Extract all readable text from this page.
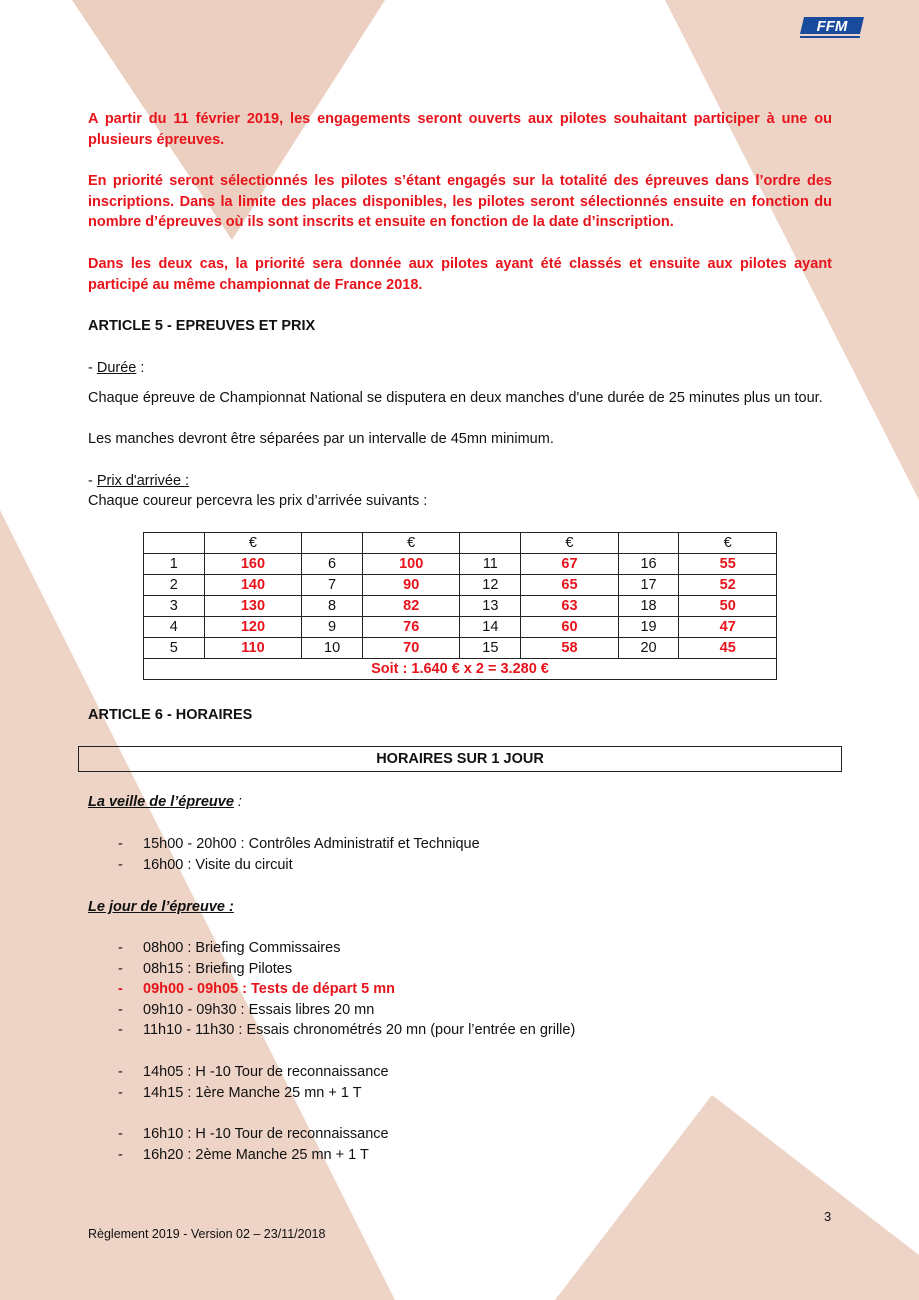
FFM

A partir du 11 février 2019, les engagements seront ouverts aux pilotes souhaitant participer à une ou plusieurs épreuves.

En priorité seront sélectionnés les pilotes s’étant engagés sur la totalité des épreuves dans l’ordre des inscriptions. Dans la limite des places disponibles, les pilotes seront sélectionnés ensuite en fonction du nombre d’épreuves où ils sont inscrits et ensuite en fonction de la date d’inscription.

Dans les deux cas, la priorité sera donnée aux pilotes ayant été classés et ensuite aux pilotes ayant participé au même championnat de France 2018.

ARTICLE 5 - EPREUVES ET PRIX

- Durée :

Chaque épreuve de Championnat National se disputera en deux manches d'une durée de 25 minutes plus un tour.

Les manches devront être séparées par un intervalle de 45mn minimum.

- Prix d'arrivée :

Chaque coureur percevra les prix d’arrivée suivants :

	€		€		€		€
1	160	6	100	11	67	16	55
2	140	7	90	12	65	17	52
3	130	8	82	13	63	18	50
4	120	9	76	14	60	19	47
5	110	10	70	15	58	20	45
Soit : 1.640 € x 2 = 3.280 €							

ARTICLE 6 - HORAIRES

HORAIRES SUR 1 JOUR

La veille de l’épreuve :

- 15h00 - 20h00 : Contrôles Administratif et Technique
- 16h00 : Visite du circuit

Le jour de l’épreuve :

- 08h00 : Briefing Commissaires
- 08h15 : Briefing Pilotes
- 09h00 - 09h05 : Tests de départ 5 mn
- 09h10 - 09h30 : Essais libres 20 mn
- 11h10 - 11h30 : Essais chronométrés 20 mn (pour l’entrée en grille)
- 14h05 : H -10 Tour de reconnaissance
- 14h15 : 1ère Manche 25 mn + 1 T
- 16h10 : H -10 Tour de reconnaissance
- 16h20 : 2ème Manche 25 mn + 1 T
3
Règlement 2019 - Version 02 – 23/11/2018
